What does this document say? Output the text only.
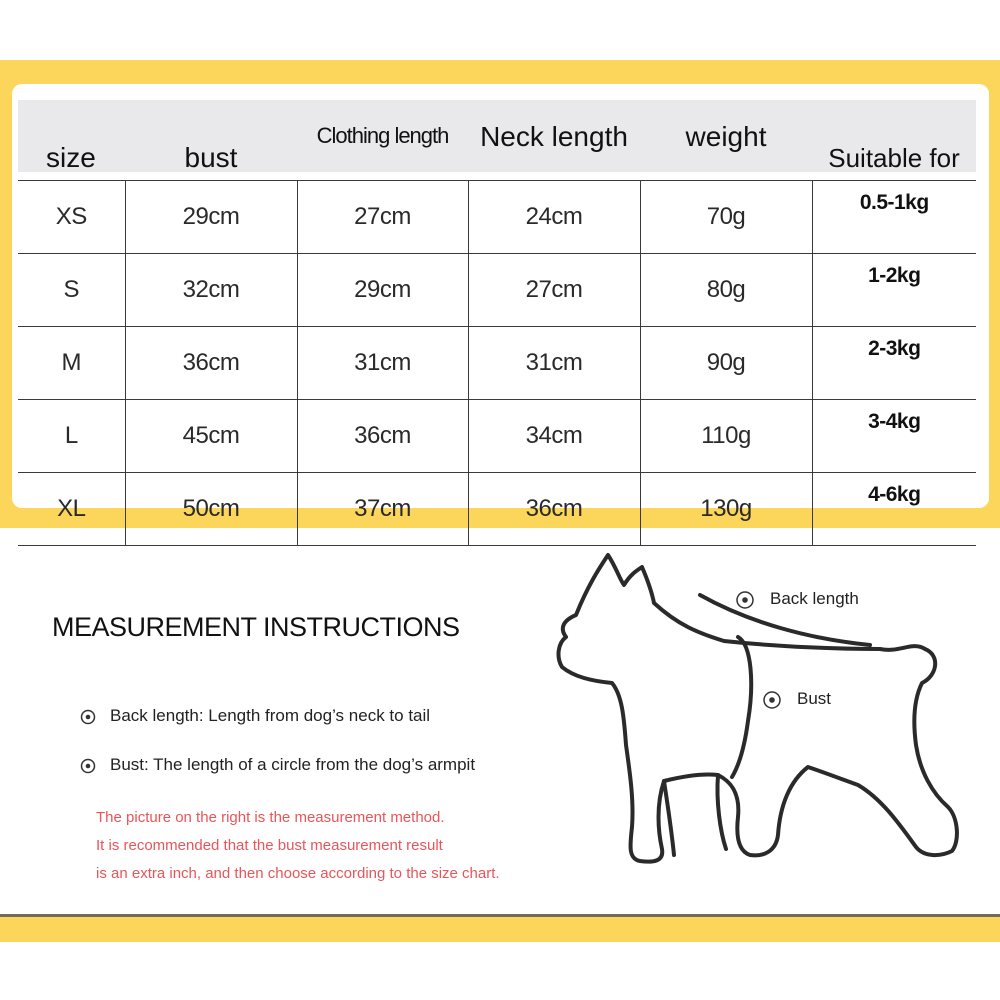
size	bust	Clothing length	Neck length	weight	Suitable for
XS	29cm	27cm	24cm	70g	0.5-1kg
S	32cm	29cm	27cm	80g	1-2kg
M	36cm	31cm	31cm	90g	2-3kg
L	45cm	36cm	34cm	110g	3-4kg
XL	50cm	37cm	36cm	130g	4-6kg
MEASUREMENT INSTRUCTIONS
Back length: Length from dog’s neck to tail
Bust: The length of a circle from the dog’s armpit
The picture on the right is the measurement method.
It is recommended that the bust measurement result
is an extra inch, and then choose according to the size chart.
Back length
Bust
